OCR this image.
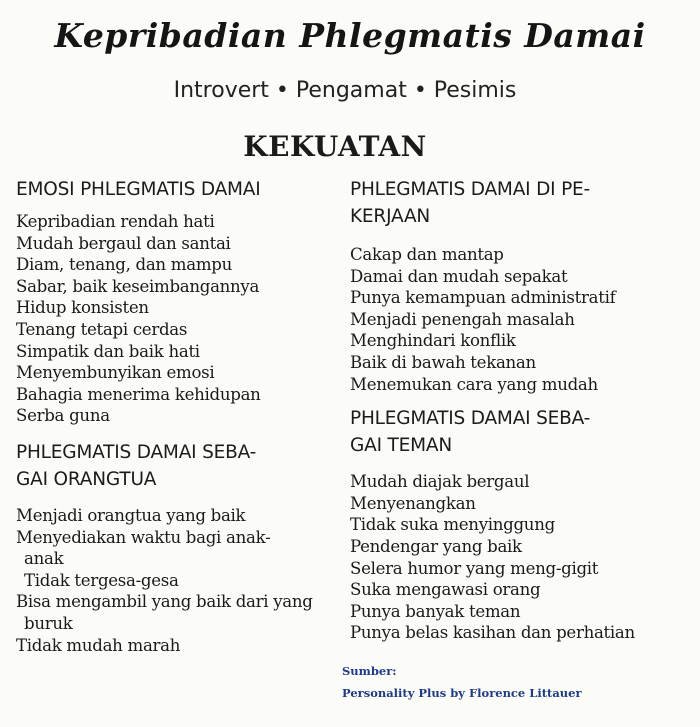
Kepribadian Phlegmatis Damai
Introvert • Pengamat • Pesimis
KEKUATAN
EMOSI PHLEGMATIS DAMAI
Kepribadian rendah hati
Mudah bergaul dan santai
Diam, tenang, dan mampu
Sabar, baik keseimbangannya
Hidup konsisten
Tenang tetapi cerdas
Simpatik dan baik hati
Menyembunyikan emosi
Bahagia menerima kehidupan
Serba guna
PHLEGMATIS DAMAI SEBA-
GAI ORANGTUA
Menjadi orangtua yang baik
Menyediakan waktu bagi anak-
anak
Tidak tergesa-gesa
Bisa mengambil yang baik dari yang
buruk
Tidak mudah marah
PHLEGMATIS DAMAI DI PE-
KERJAAN
Cakap dan mantap
Damai dan mudah sepakat
Punya kemampuan administratif
Menjadi penengah masalah
Menghindari konflik
Baik di bawah tekanan
Menemukan cara yang mudah
PHLEGMATIS DAMAI SEBA-
GAI TEMAN
Mudah diajak bergaul
Menyenangkan
Tidak suka menyinggung
Pendengar yang baik
Selera humor yang meng-gigit
Suka mengawasi orang
Punya banyak teman
Punya belas kasihan dan perhatian
Sumber:
Personality Plus by Florence Littauer
